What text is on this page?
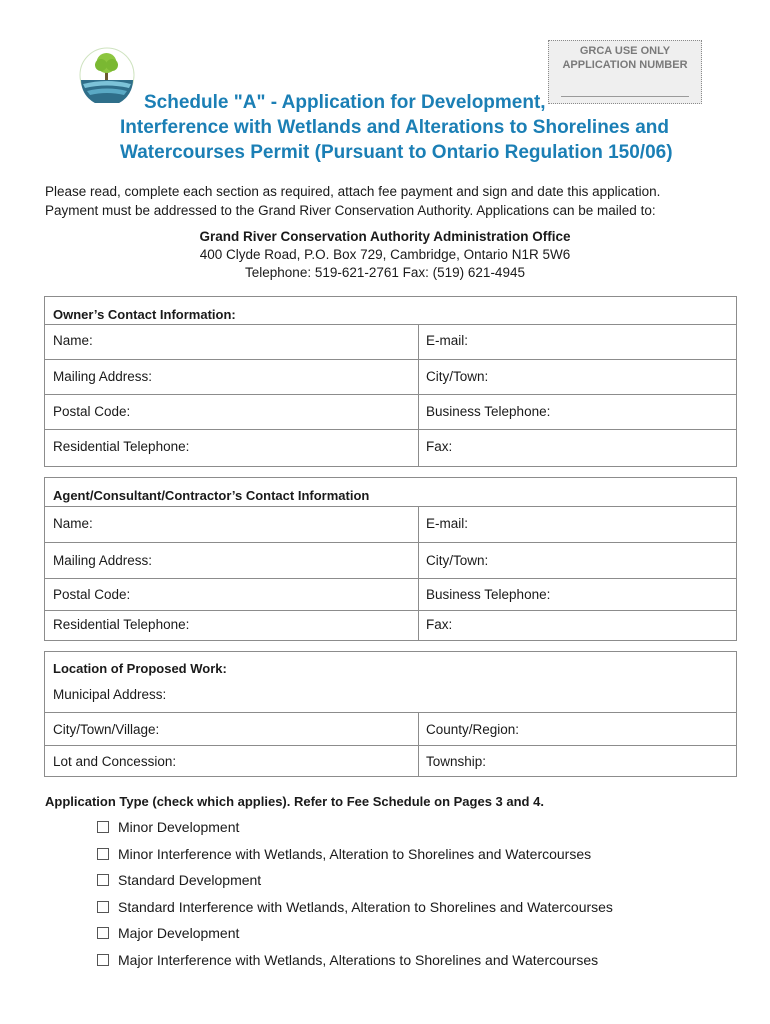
GRCA USE ONLY
APPLICATION NUMBER
Schedule "A" - Application for Development,
Interference with Wetlands and Alterations to Shorelines and
Watercourses Permit (Pursuant to Ontario Regulation 150/06)
Please read, complete each section as required, attach fee payment and sign and date this application.
Payment must be addressed to the Grand River Conservation Authority. Applications can be mailed to:
Grand River Conservation Authority Administration Office
400 Clyde Road, P.O. Box 729, Cambridge, Ontario N1R 5W6
Telephone: 519-621-2761 Fax: (519) 621-4945
Owner’s Contact Information:
Name:	E-mail:
Mailing Address:	City/Town:
Postal Code:	Business Telephone:
Residential Telephone:	Fax:
Agent/Consultant/Contractor’s Contact Information
Name:	E-mail:
Mailing Address:	City/Town:
Postal Code:	Business Telephone:
Residential Telephone:	Fax:
Location of Proposed Work:
Municipal Address:
City/Town/Village:	County/Region:
Lot and Concession:	Township:
Application Type (check which applies). Refer to Fee Schedule on Pages 3 and 4.
Minor Development
Minor Interference with Wetlands, Alteration to Shorelines and Watercourses
Standard Development
Standard Interference with Wetlands, Alteration to Shorelines and Watercourses
Major Development
Major Interference with Wetlands, Alterations to Shorelines and Watercourses
